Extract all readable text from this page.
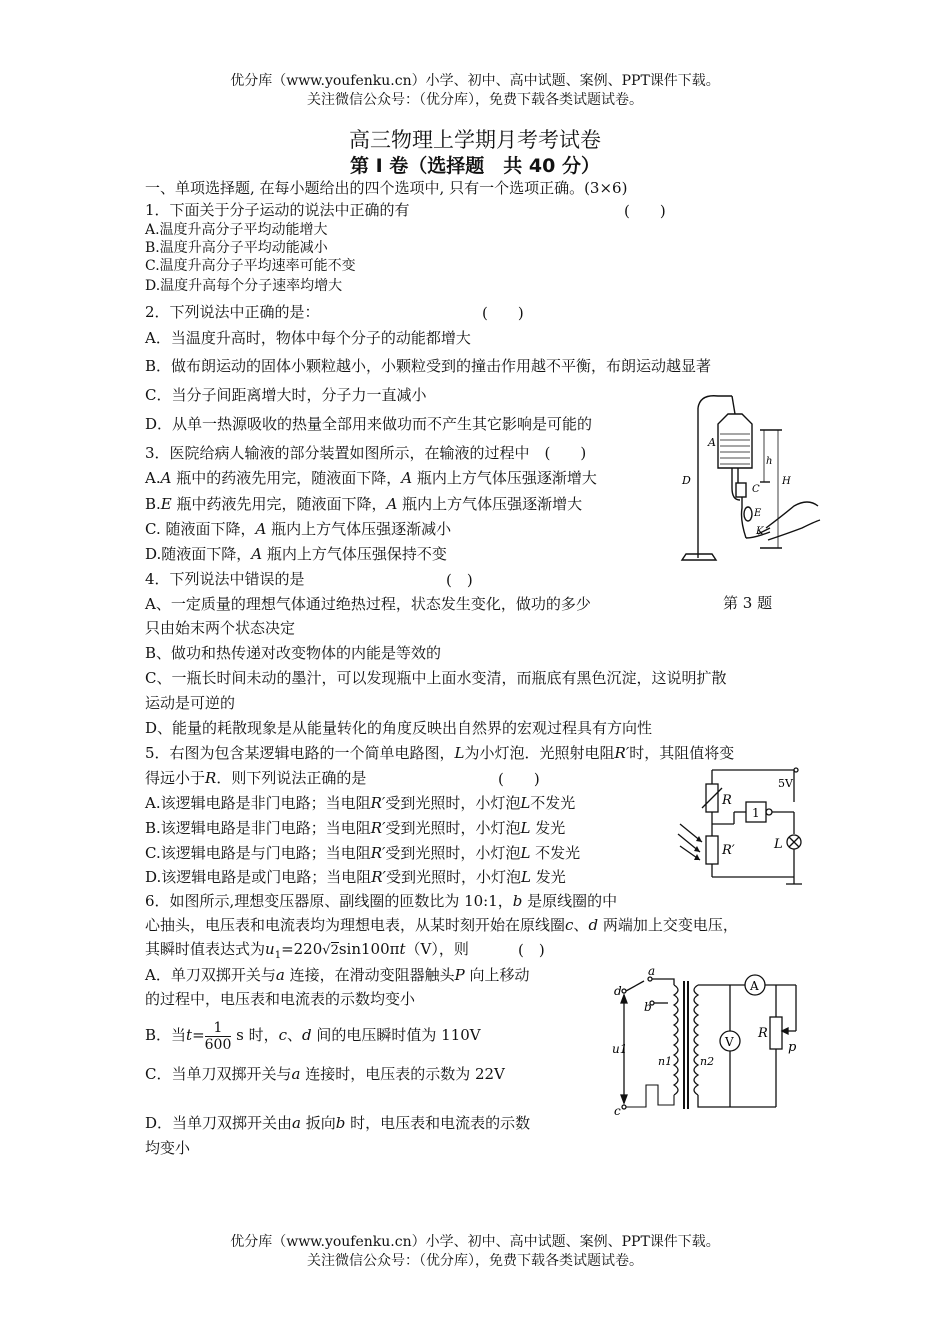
优分库（www.youfenku.cn）小学、初中、高中试题、案例、PPT课件下载。
关注微信公众号：（优分库），免费下载各类试题试卷。
高三物理上学期月考考试卷
第 I 卷（选择题　共 40 分）
一、单项选择题, 在每小题给出的四个选项中, 只有一个选项正确。(3×6)
1．下面关于分子运动的说法中正确的有	(　　)
A.温度升高分子平均动能增大
B.温度升高分子平均动能减小
C.温度升高分子平均速率可能不变
D.温度升高每个分子速率均增大
2．下列说法中正确的是：	(　　)
A．当温度升高时，物体中每个分子的动能都增大
B．做布朗运动的固体小颗粒越小，小颗粒受到的撞击作用越不平衡，布朗运动越显著
C．当分子间距离增大时，分子力一直减小
D．从单一热源吸收的热量全部用来做功而不产生其它影响是可能的
3．医院给病人输液的部分装置如图所示，在输液的过程中　(　　)
A.A 瓶中的药液先用完，随液面下降，A 瓶内上方气体压强逐渐增大
B.E 瓶中药液先用完，随液面下降，A 瓶内上方气体压强逐渐增大
C. 随液面下降，A 瓶内上方气体压强逐渐减小
D.随液面下降，A 瓶内上方气体压强保持不变
A
D
C
E
K
h
H
第 3 题
4．下列说法中错误的是	(　)
A、一定质量的理想气体通过绝热过程，状态发生变化，做功的多少
只由始末两个状态决定
B、做功和热传递对改变物体的内能是等效的
C、一瓶长时间未动的墨汁，可以发现瓶中上面水变清，而瓶底有黑色沉淀，这说明扩散
运动是可逆的
D、能量的耗散现象是从能量转化的角度反映出自然界的宏观过程具有方向性
5．右图为包含某逻辑电路的一个简单电路图，L为小灯泡．光照射电阻R′时，其阻值将变
得远小于R．则下列说法正确的是	(　　)
A.该逻辑电路是非门电路；当电阻R′受到光照时，小灯泡L不发光
B.该逻辑电路是非门电路；当电阻R′受到光照时，小灯泡L 发光
C.该逻辑电路是与门电路；当电阻R′受到光照时，小灯泡L 不发光
D.该逻辑电路是或门电路；当电阻R′受到光照时，小灯泡L 发光
5V
R
R′
1
L
6．如图所示,理想变压器原、副线圈的匝数比为 10:1，b 是原线圈的中
心抽头，电压表和电流表均为理想电表，从某时刻开始在原线圈c、d 两端加上交变电压，
其瞬时值表达式为$u_1=220√2\sin 100\pi t(V)$，则	(　)
A．单刀双掷开关与a 连接，在滑动变阻器触头P 向上移动
的过程中，电压表和电流表的示数均变小
B．当$t= \frac{1}{600}$ s 时，c、d 间的电压瞬时值为 110V
C．当单刀双掷开关与a 连接时，电压表的示数为 22V
D．当单刀双掷开关由a 扳向b 时，电压表和电流表的示数
均变小
a
b
d
c
u1
n1	n2
A
V
R
p
优分库（www.youfenku.cn）小学、初中、高中试题、案例、PPT课件下载。
关注微信公众号：（优分库），免费下载各类试题试卷。
